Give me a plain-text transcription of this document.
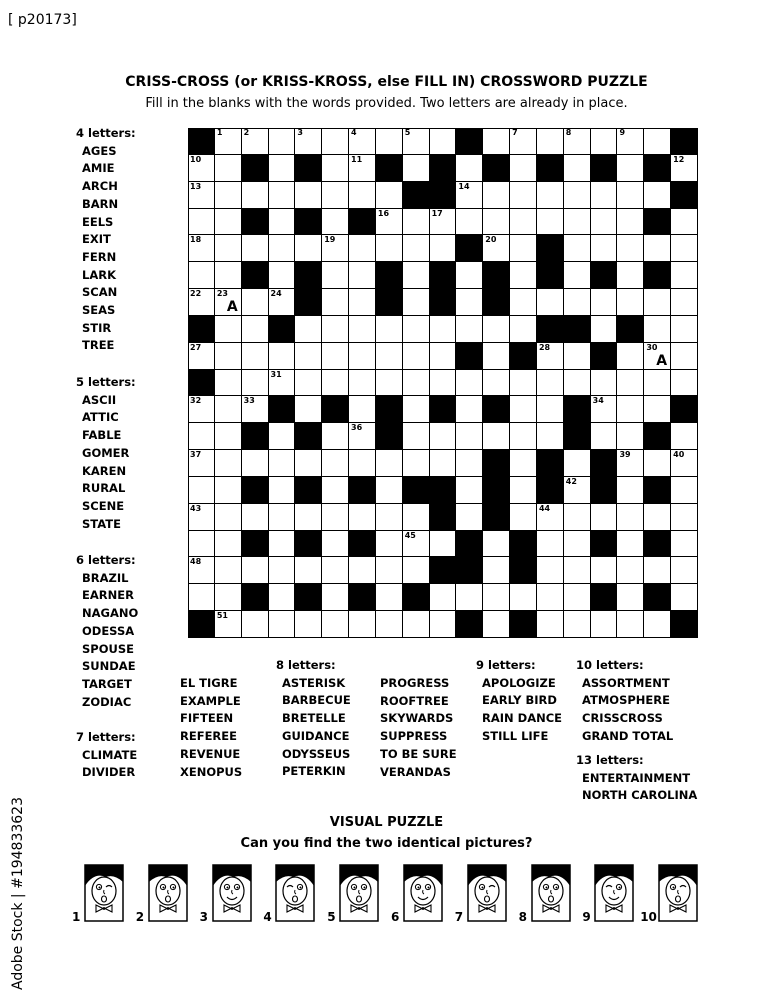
[ p20173]
CRISS-CROSS (or KRISS-KROSS, else FILL IN) CROSSWORD PUZZLE
Fill in the blanks with the words provided. Two letters are already in place.
1	2	3	4	5	6	7	8	9
10	11	12
13	14
15 16	17
18	19	20
21
22 23
A
24	25
26
27	28	29	30
A
31
32	33	34
35	36
37	38 39	40
41	42
43	44
45	46	47
48	49
50
51	52
4 letters:
AGES
AMIE
ARCH
BARN
EELS
EXIT
FERN
LARK
SCAN
SEAS
STIR
TREE
5 letters:
ASCII
ATTIC
FABLE
GOMER
KAREN
RURAL
SCENE
STATE
6 letters:
BRAZIL
EARNER
NAGANO
ODESSA
SPOUSE
SUNDAE
TARGET
ZODIAC
7 letters:
CLIMATE
DIVIDER
EL TIGRE
EXAMPLE
FIFTEEN
REFEREE
REVENUE
XENOPUS
8 letters:
ASTERISK
BARBECUE
BRETELLE
GUIDANCE
ODYSSEUS
PETERKIN
PROGRESS
ROOFTREE
SKYWARDS
SUPPRESS
TO BE SURE
VERANDAS
9 letters:
APOLOGIZE
EARLY BIRD
RAIN DANCE
STILL LIFE
10 letters:
ASSORTMENT
ATMOSPHERE
CRISSCROSS
GRAND TOTAL
13 letters:
ENTERTAINMENT
NORTH CAROLINA
VISUAL PUZZLE
Can you find the two identical pictures?
1	2	3	4	5	6	7	8	9	10
Adobe Stock | #194833623
